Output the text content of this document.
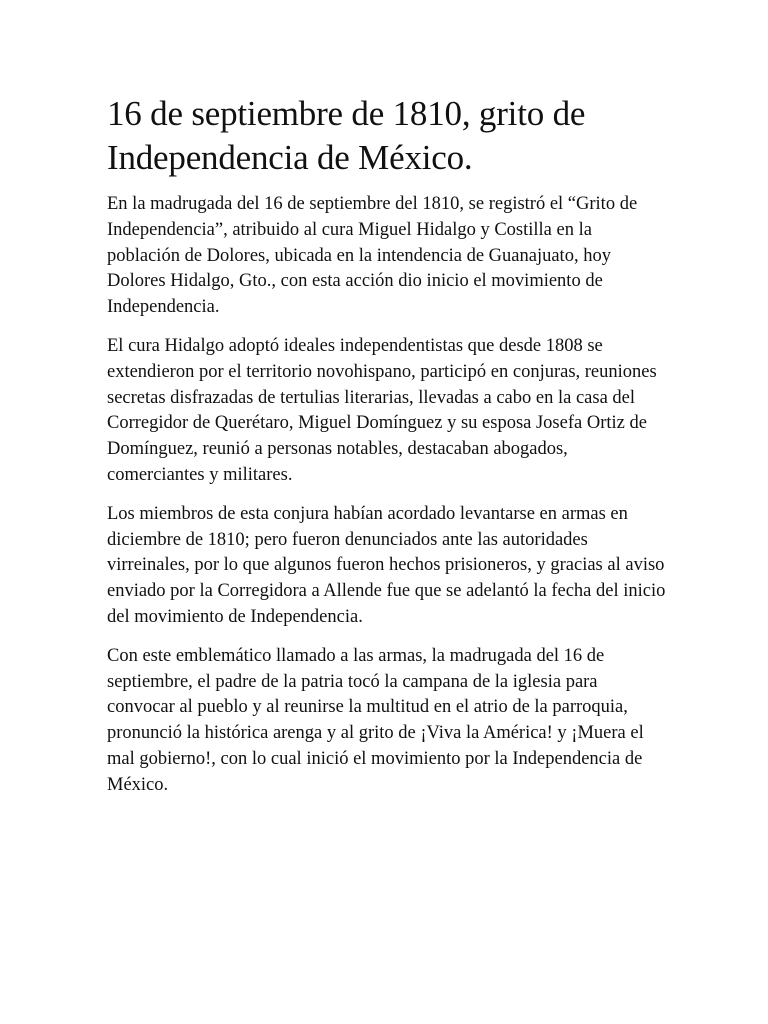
16 de septiembre de 1810, grito de Independencia de México.

En la madrugada del 16 de septiembre del 1810, se registró el “Grito de Independencia”, atribuido al cura Miguel Hidalgo y Costilla en la población de Dolores, ubicada en la intendencia de Guanajuato, hoy Dolores Hidalgo, Gto., con esta acción dio inicio el movimiento de Independencia.

El cura Hidalgo adoptó ideales independentistas que desde 1808 se extendieron por el territorio novohispano, participó en conjuras, reuniones secretas disfrazadas de tertulias literarias, llevadas a cabo en la casa del Corregidor de Querétaro, Miguel Domínguez y su esposa Josefa Ortiz de Domínguez, reunió a personas notables, destacaban abogados, comerciantes y militares.

Los miembros de esta conjura habían acordado levantarse en armas en diciembre de 1810; pero fueron denunciados ante las autoridades virreinales, por lo que algunos fueron hechos prisioneros, y gracias al aviso enviado por la Corregidora a Allende fue que se adelantó la fecha del inicio del movimiento de Independencia.

Con este emblemático llamado a las armas, la madrugada del 16 de septiembre, el padre de la patria tocó la campana de la iglesia para convocar al pueblo y al reunirse la multitud en el atrio de la parroquia, pronunció la histórica arenga y al grito de ¡Viva la América! y ¡Muera el mal gobierno!, con lo cual inició el movimiento por la Independencia de México.
